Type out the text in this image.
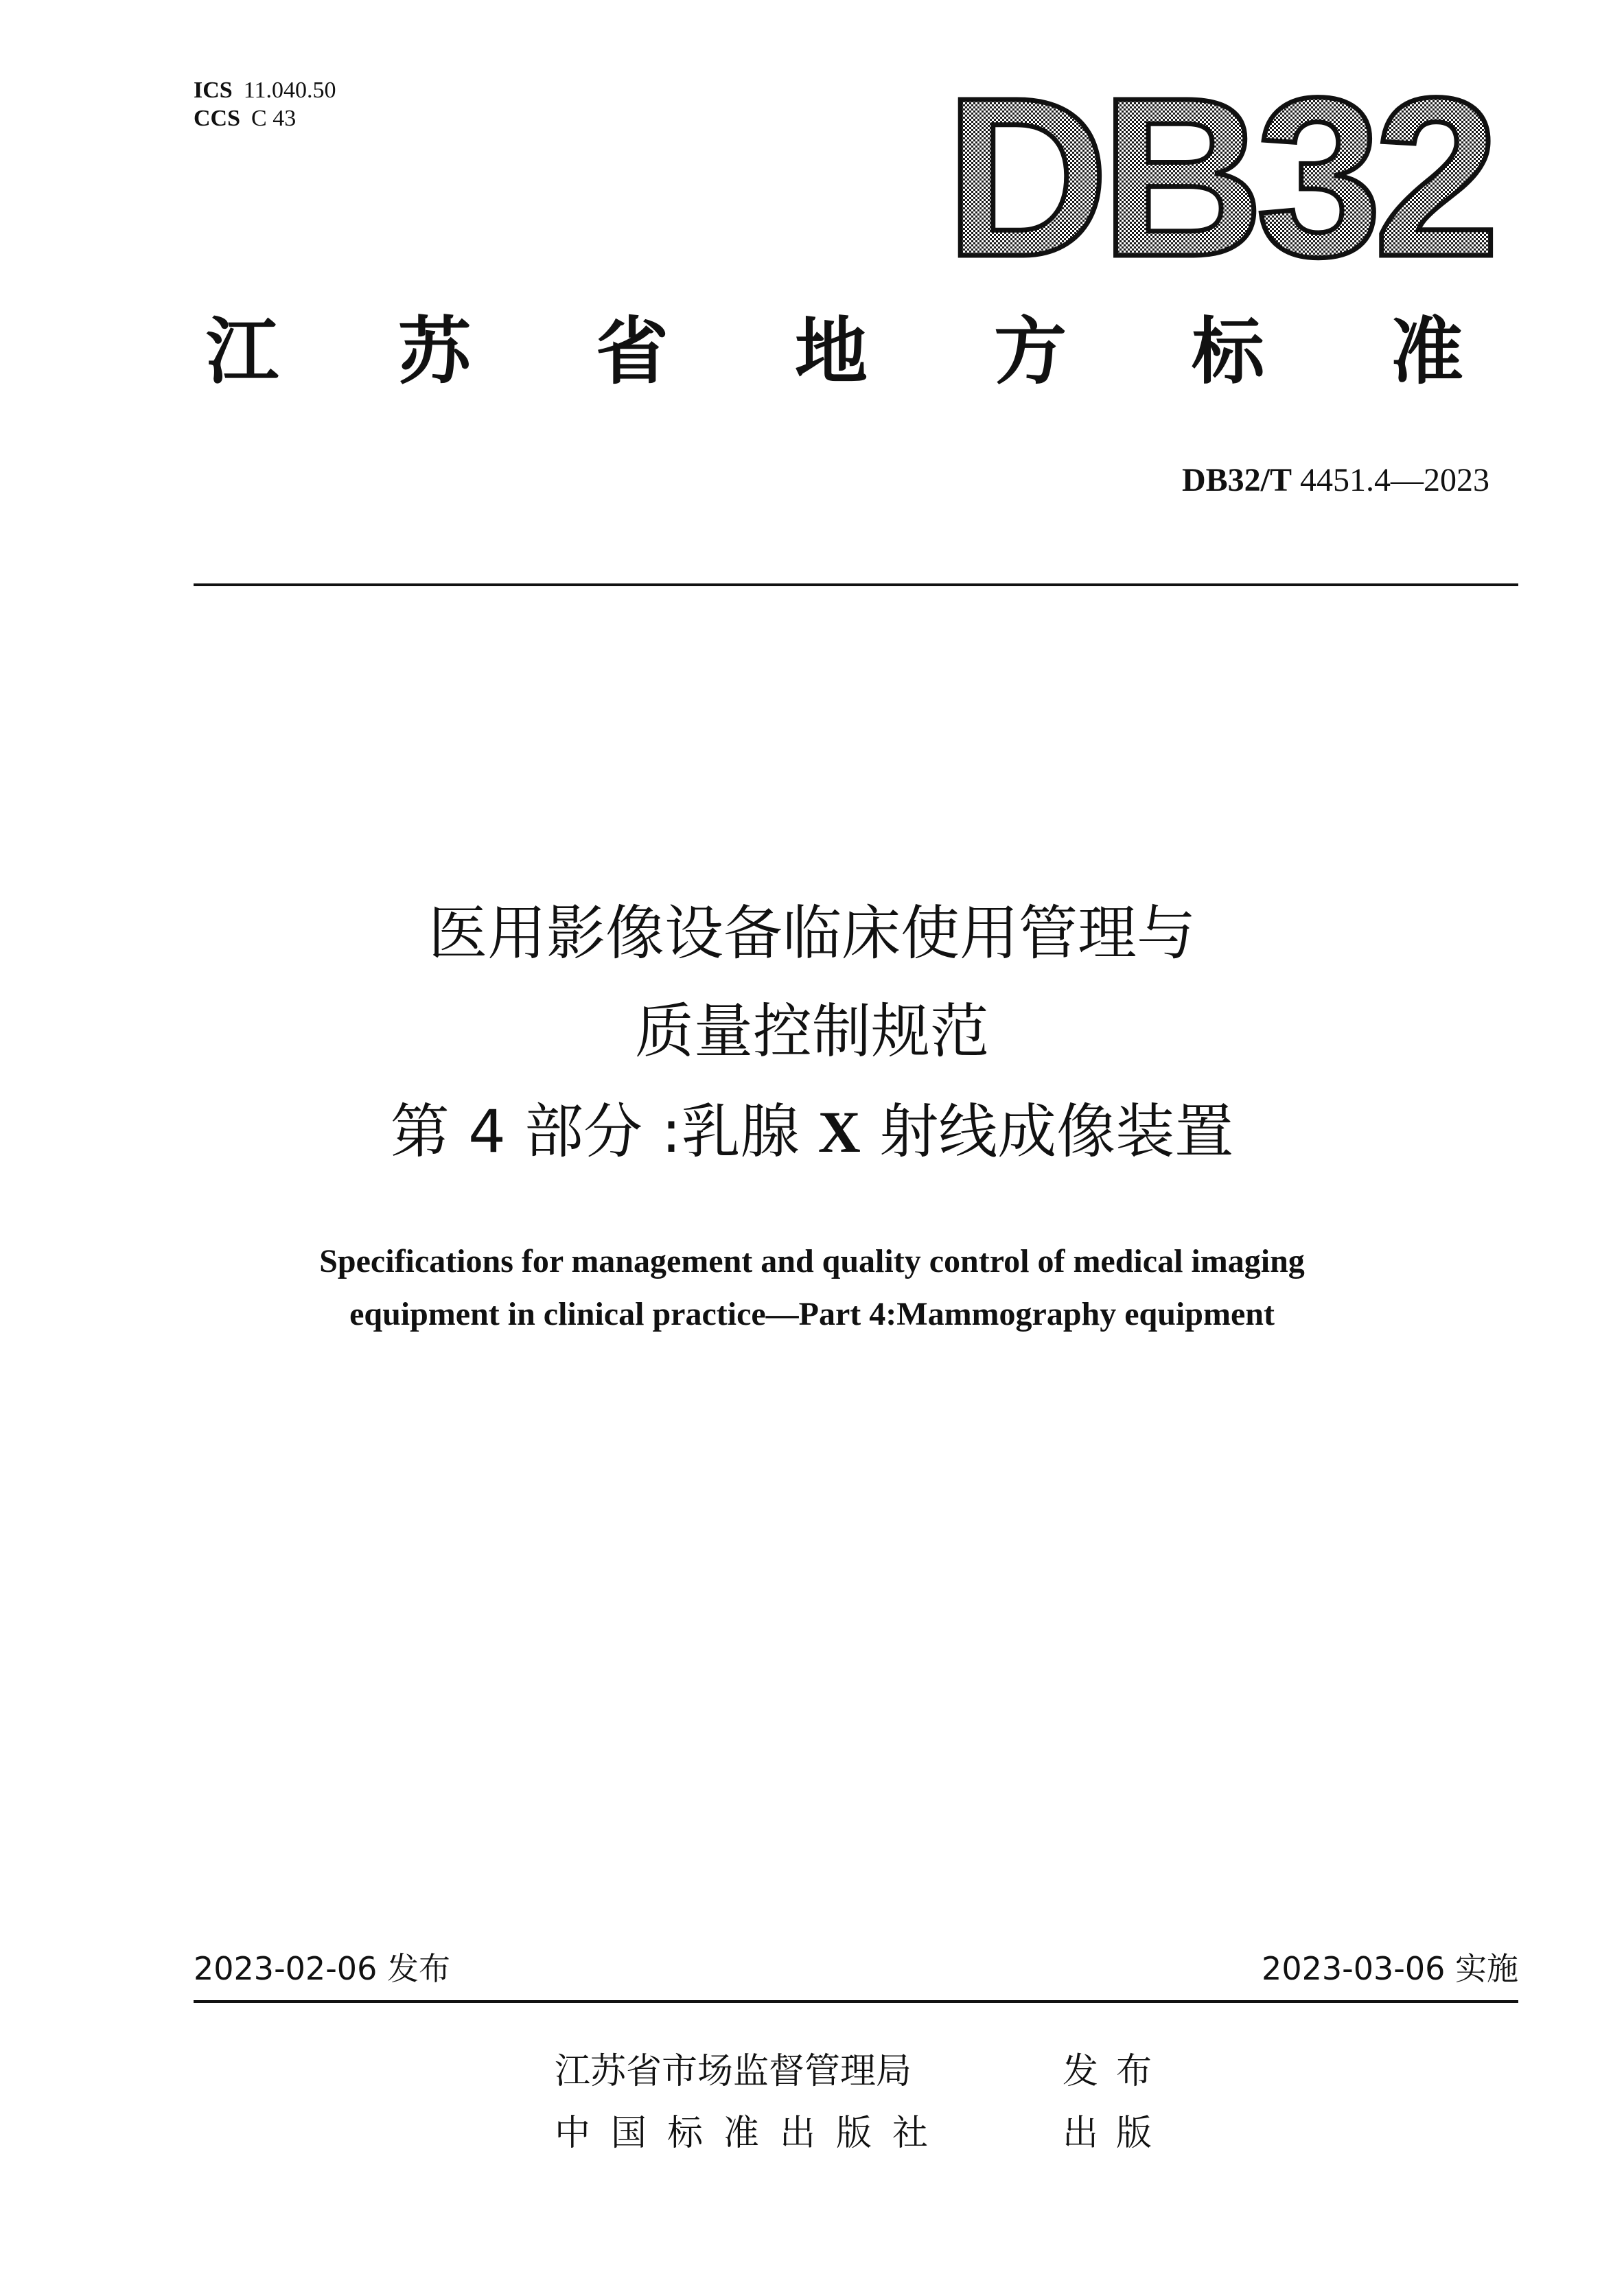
ICS 11.040.50
CCS C 43	DB32
江 苏 省 地 方 标 准
DB32/T 4451.4—2023
医用影像设备临床使用管理与
质量控制规范
第 4 部分 :乳腺 X 射线成像装置
Specifications for management and quality control of medical imaging
equipment in clinical practice—Part 4:Mammography equipment
2023-02-06 发布	2023-03-06 实施
江苏省市场监督管理局	发布
中国标准出版社	出版
